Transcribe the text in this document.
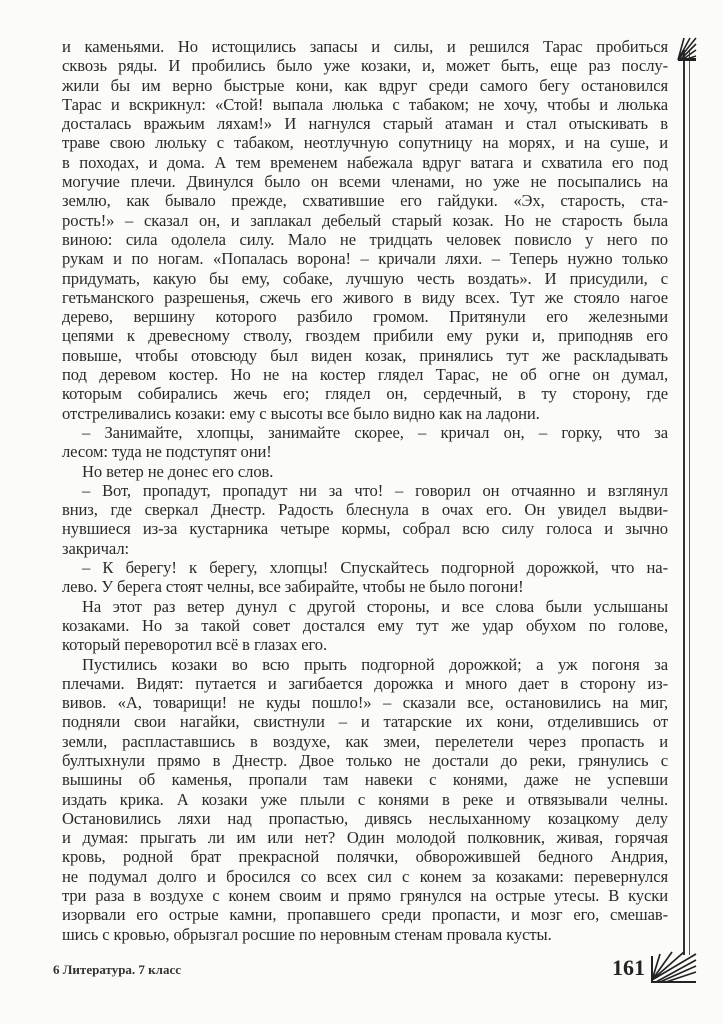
и каменьями. Но истощились запасы и силы, и решился Тарас пробиться
сквозь ряды. И пробились было уже козаки, и, может быть, еще раз послу-
жили бы им верно быстрые кони, как вдруг среди самого бегу остановился
Тарас и вскрикнул: «Стой! выпала люлька с табаком; не хочу, чтобы и люлька
досталась вражьим ляхам!» И нагнулся старый атаман и стал отыскивать в
траве свою люльку с табаком, неотлучную сопутницу на морях, и на суше, и
в походах, и дома. А тем временем набежала вдруг ватага и схватила его под
могучие плечи. Двинулся было он всеми членами, но уже не посыпались на
землю, как бывало прежде, схватившие его гайдуки. «Эх, старость, ста-
рость!» – сказал он, и заплакал дебелый старый козак. Но не старость была
виною: сила одолела силу. Мало не тридцать человек повисло у него по
рукам и по ногам. «Попалась ворона! – кричали ляхи. – Теперь нужно только
придумать, какую бы ему, собаке, лучшую честь воздать». И присудили, с
гетьманского разрешенья, сжечь его живого в виду всех. Тут же стояло нагое
дерево, вершину которого разбило громом. Притянули его железными
цепями к древесному стволу, гвоздем прибили ему руки и, приподняв его
повыше, чтобы отовсюду был виден козак, принялись тут же раскладывать
под деревом костер. Но не на костер глядел Тарас, не об огне он думал,
которым собирались жечь его; глядел он, сердечный, в ту сторону, где
отстреливались козаки: ему с высоты все было видно как на ладони.
– Занимайте, хлопцы, занимайте скорее, – кричал он, – горку, что за
лесом: туда не подступят они!
Но ветер не донес его слов.
– Вот, пропадут, пропадут ни за что! – говорил он отчаянно и взглянул
вниз, где сверкал Днестр. Радость блеснула в очах его. Он увидел выдви-
нувшиеся из-за кустарника четыре кормы, собрал всю силу голоса и зычно
закричал:
– К берегу! к берегу, хлопцы! Спускайтесь подгорной дорожкой, что на-
лево. У берега стоят челны, все забирайте, чтобы не было погони!
На этот раз ветер дунул с другой стороны, и все слова были услышаны
козаками. Но за такой совет достался ему тут же удар обухом по голове,
который переворотил всё в глазах его.
Пустились козаки во всю прыть подгорной дорожкой; а уж погоня за
плечами. Видят: путается и загибается дорожка и много дает в сторону из-
вивов. «А, товарищи! не куды пошло!» – сказали все, остановились на миг,
подняли свои нагайки, свистнули – и татарские их кони, отделившись от
земли, распластавшись в воздухе, как змеи, перелетели через пропасть и
бултыхнули прямо в Днестр. Двое только не достали до реки, грянулись с
вышины об каменья, пропали там навеки с конями, даже не успевши
издать крика. А козаки уже плыли с конями в реке и отвязывали челны.
Остановились ляхи над пропастью, дивясь неслыханному козацкому делу
и думая: прыгать ли им или нет? Один молодой полковник, живая, горячая
кровь, родной брат прекрасной полячки, обворожившей бедного Андрия,
не подумал долго и бросился со всех сил с конем за козаками: перевернулся
три раза в воздухе с конем своим и прямо грянулся на острые утесы. В куски
изорвали его острые камни, пропавшего среди пропасти, и мозг его, смешав-
шись с кровью, обрызгал росшие по неровным стенам провала кусты.
6 Литература. 7 класс	161
